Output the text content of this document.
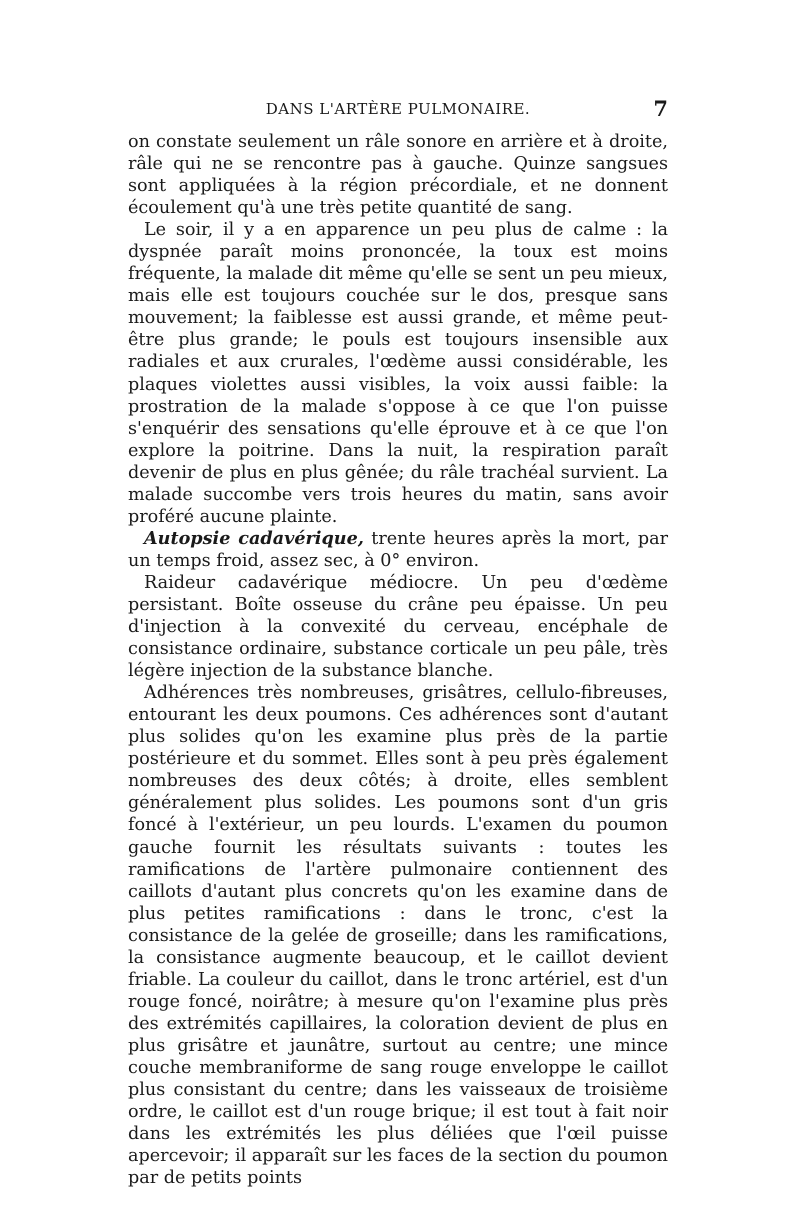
DANS L'ARTÈRE PULMONAIRE.	7

on constate seulement un râle sonore en arrière et à droite, râle qui ne se rencontre pas à gauche. Quinze sangsues sont appliquées à la région précordiale, et ne donnent écoulement qu'à une très petite quantité de sang.

Le soir, il y a en apparence un peu plus de calme : la dyspnée paraît moins prononcée, la toux est moins fréquente, la malade dit même qu'elle se sent un peu mieux, mais elle est toujours couchée sur le dos, presque sans mouvement; la faiblesse est aussi grande, et même peut-être plus grande; le pouls est toujours insensible aux radiales et aux crurales, l'œdème aussi considérable, les plaques violettes aussi visibles, la voix aussi faible: la prostration de la malade s'oppose à ce que l'on puisse s'enquérir des sensations qu'elle éprouve et à ce que l'on explore la poitrine. Dans la nuit, la respiration paraît devenir de plus en plus gênée; du râle trachéal survient. La malade succombe vers trois heures du matin, sans avoir proféré aucune plainte.

Autopsie cadavérique, trente heures après la mort, par un temps froid, assez sec, à 0° environ.

Raideur cadavérique médiocre. Un peu d'œdème persistant. Boîte osseuse du crâne peu épaisse. Un peu d'injection à la convexité du cerveau, encéphale de consistance ordinaire, substance corticale un peu pâle, très légère injection de la substance blanche.

Adhérences très nombreuses, grisâtres, cellulo-fibreuses, entourant les deux poumons. Ces adhérences sont d'autant plus solides qu'on les examine plus près de la partie postérieure et du sommet. Elles sont à peu près également nombreuses des deux côtés; à droite, elles semblent généralement plus solides. Les poumons sont d'un gris foncé à l'extérieur, un peu lourds. L'examen du poumon gauche fournit les résultats suivants : toutes les ramifications de l'artère pulmonaire contiennent des caillots d'autant plus concrets qu'on les examine dans de plus petites ramifications : dans le tronc, c'est la consistance de la gelée de groseille; dans les ramifications, la consistance augmente beaucoup, et le caillot devient friable. La couleur du caillot, dans le tronc artériel, est d'un rouge foncé, noirâtre; à mesure qu'on l'examine plus près des extrémités capillaires, la coloration devient de plus en plus grisâtre et jaunâtre, surtout au centre; une mince couche membraniforme de sang rouge enveloppe le caillot plus consistant du centre; dans les vaisseaux de troisième ordre, le caillot est d'un rouge brique; il est tout à fait noir dans les extrémités les plus déliées que l'œil puisse apercevoir; il apparaît sur les faces de la section du poumon par de petits points
